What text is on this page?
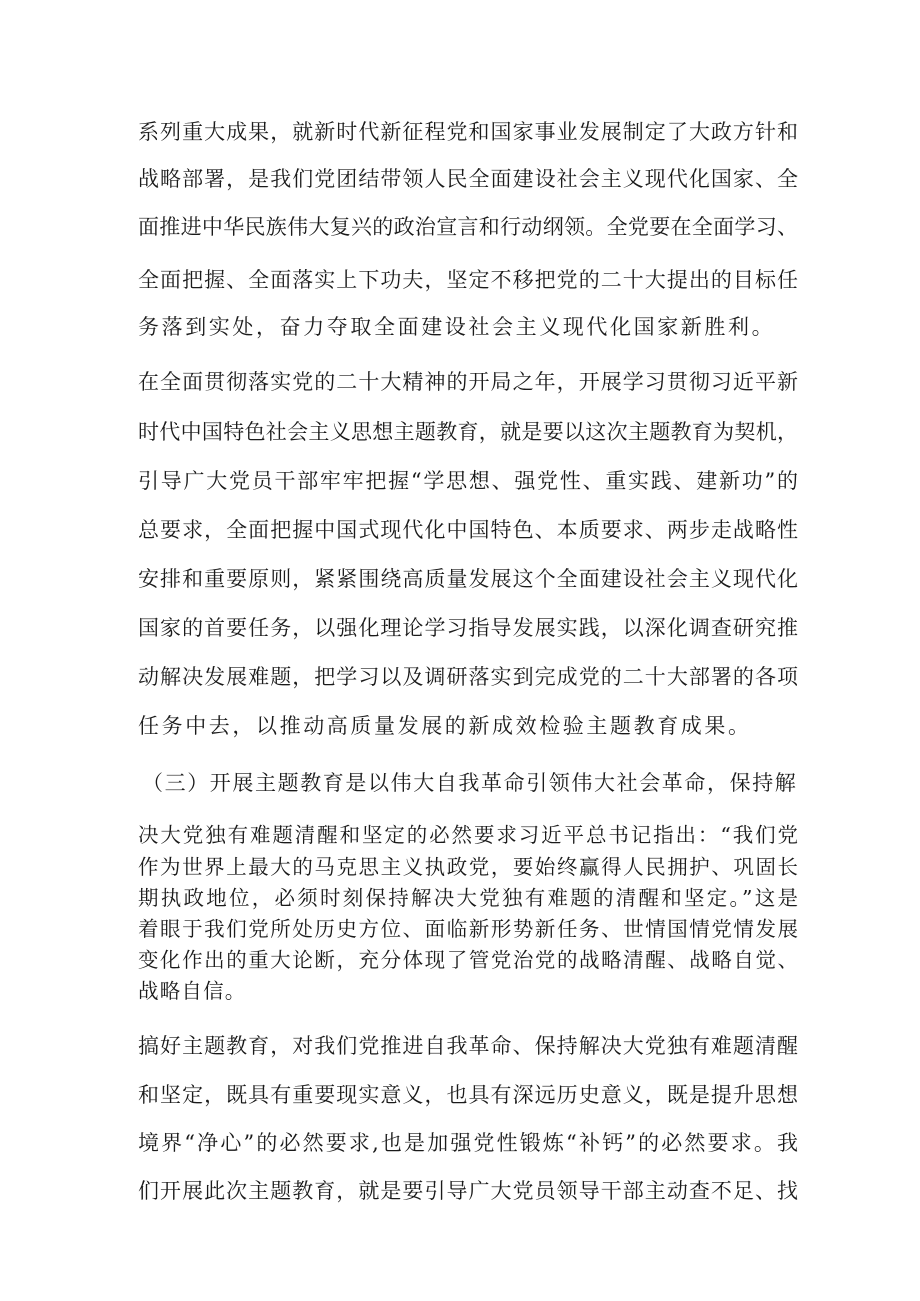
系列重大成果，就新时代新征程党和国家事业发展制定了大政方针和
战略部署，是我们党团结带领人民全面建设社会主义现代化国家、全
面推进中华民族伟大复兴的政治宣言和行动纲领。全党要在全面学习、
全面把握、全面落实上下功夫，坚定不移把党的二十大提出的目标任
务落到实处，奋力夺取全面建设社会主义现代化国家新胜利。
在全面贯彻落实党的二十大精神的开局之年，开展学习贯彻习近平新
时代中国特色社会主义思想主题教育，就是要以这次主题教育为契机，
引导广大党员干部牢牢把握“学思想、强党性、重实践、建新功”的
总要求，全面把握中国式现代化中国特色、本质要求、两步走战略性
安排和重要原则，紧紧围绕高质量发展这个全面建设社会主义现代化
国家的首要任务，以强化理论学习指导发展实践，以深化调查研究推
动解决发展难题，把学习以及调研落实到完成党的二十大部署的各项
任务中去，以推动高质量发展的新成效检验主题教育成果。
（三）开展主题教育是以伟大自我革命引领伟大社会革命，保持解
决大党独有难题清醒和坚定的必然要求习近平总书记指出：“我们党
作为世界上最大的马克思主义执政党，要始终赢得人民拥护、巩固长
期执政地位，必须时刻保持解决大党独有难题的清醒和坚定。”这是
着眼于我们党所处历史方位、面临新形势新任务、世情国情党情发展
变化作出的重大论断，充分体现了管党治党的战略清醒、战略自觉、
战略自信。
搞好主题教育，对我们党推进自我革命、保持解决大党独有难题清醒
和坚定，既具有重要现实意义，也具有深远历史意义，既是提升思想
境界“净心”的必然要求,也是加强党性锻炼“补钙”的必然要求。我
们开展此次主题教育，就是要引导广大党员领导干部主动查不足、找
